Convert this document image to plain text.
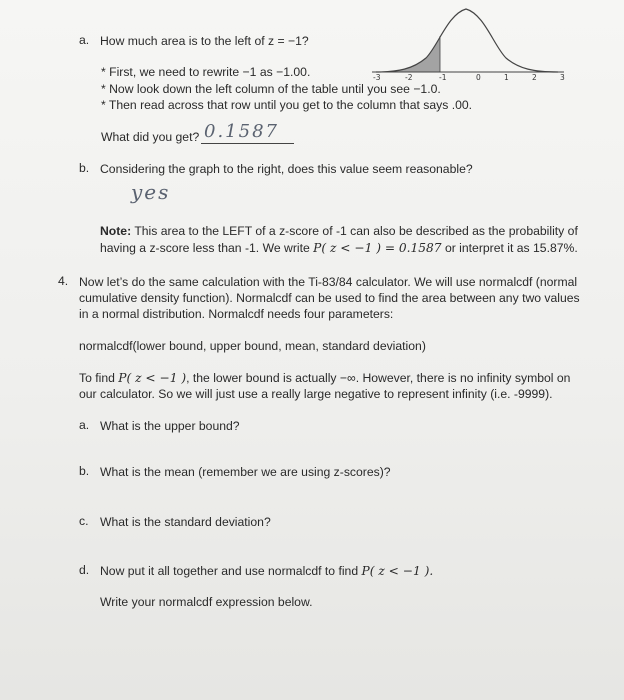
a. How much area is to the left of z = −1?
-3	-2	-1	0	1	2	3
* First, we need to rewrite −1 as −1.00.
* Now look down the left column of the table until you see −1.0.
* Then read across that row until you get to the column that says .00.
What did you get? 0.1587
b. Considering the graph to the right, does this value seem reasonable?
yes
Note: This area to the LEFT of a z-score of -1 can also be described as the probability of
having a z-score less than -1. We write P( z < −1 ) = 0.1587 or interpret it as 15.87%.
4. Now let’s do the same calculation with the Ti-83/84 calculator. We will use normalcdf (normal
cumulative density function). Normalcdf can be used to find the area between any two values
in a normal distribution. Normalcdf needs four parameters:
normalcdf(lower bound, upper bound, mean, standard deviation)
To find P( z < −1 ), the lower bound is actually −∞. However, there is no infinity symbol on
our calculator. So we will just use a really large negative to represent infinity (i.e. -9999).
a. What is the upper bound?
b. What is the mean (remember we are using z-scores)?
c. What is the standard deviation?
d. Now put it all together and use normalcdf to find P( z < −1 ).
Write your normalcdf expression below.
